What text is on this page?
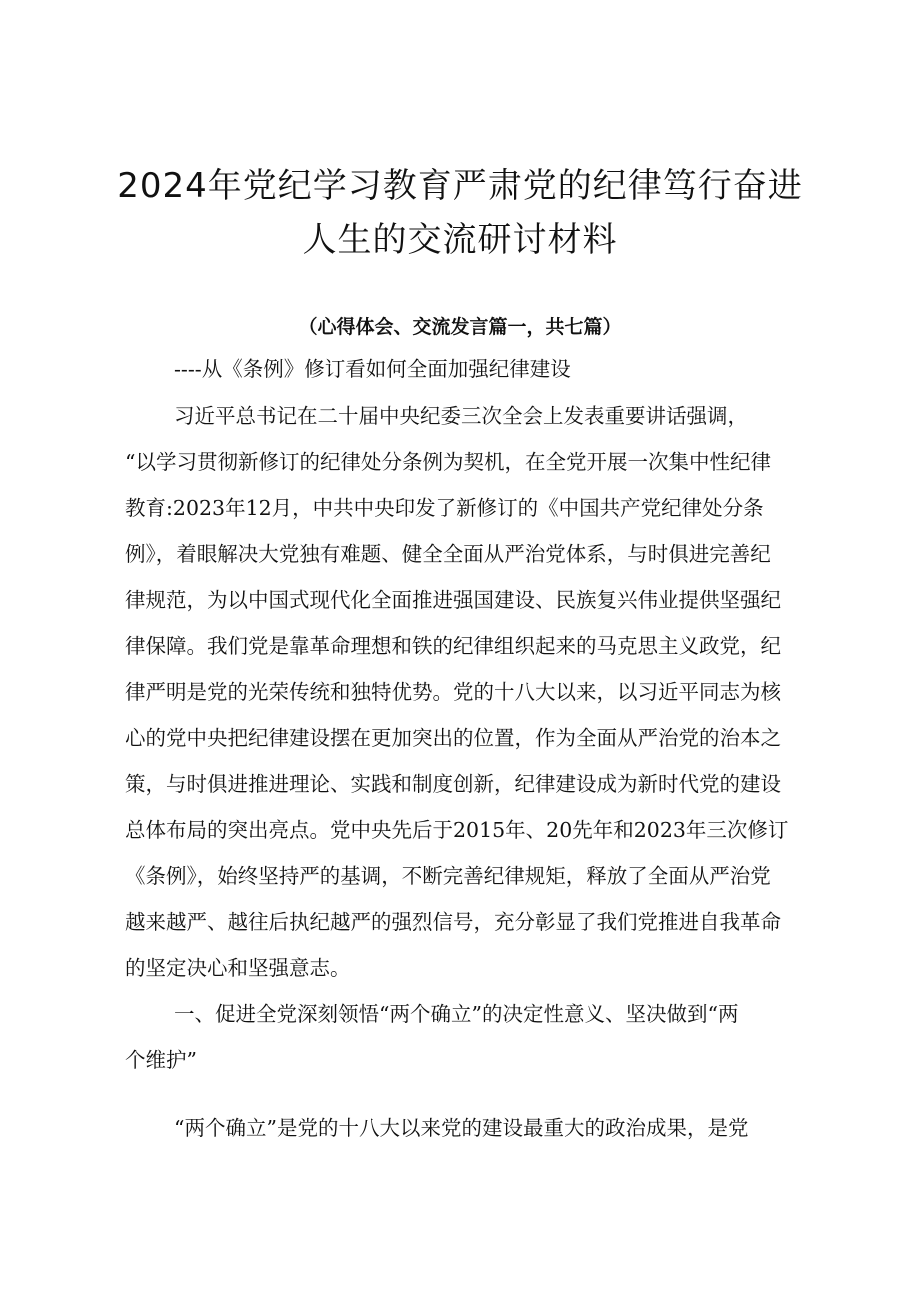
2024年党纪学习教育严肃党的纪律笃行奋进
人生的交流研讨材料
（心得体会、交流发言篇一，共七篇）
----从《条例》修订看如何全面加强纪律建设
习近平总书记在二十届中央纪委三次全会上发表重要讲话强调，
“以学习贯彻新修订的纪律处分条例为契机，在全党开展一次集中性纪律
教育:2023年12月，中共中央印发了新修订的《中国共产党纪律处分条
例》，着眼解决大党独有难题、健全全面从严治党体系，与时俱进完善纪
律规范，为以中国式现代化全面推进强国建设、民族复兴伟业提供坚强纪
律保障。我们党是靠革命理想和铁的纪律组织起来的马克思主义政党，纪
律严明是党的光荣传统和独特优势。党的十八大以来，以习近平同志为核
心的党中央把纪律建设摆在更加突出的位置，作为全面从严治党的治本之
策，与时俱进推进理论、实践和制度创新，纪律建设成为新时代党的建设
总体布局的突出亮点。党中央先后于2015年、20先年和2023年三次修订
《条例》，始终坚持严的基调，不断完善纪律规矩，释放了全面从严治党
越来越严、越往后执纪越严的强烈信号，充分彰显了我们党推进自我革命
的坚定决心和坚强意志。
一、促进全党深刻领悟“两个确立”的决定性意义、坚决做到“两
个维护”
“两个确立”是党的十八大以来党的建设最重大的政治成果，是党
